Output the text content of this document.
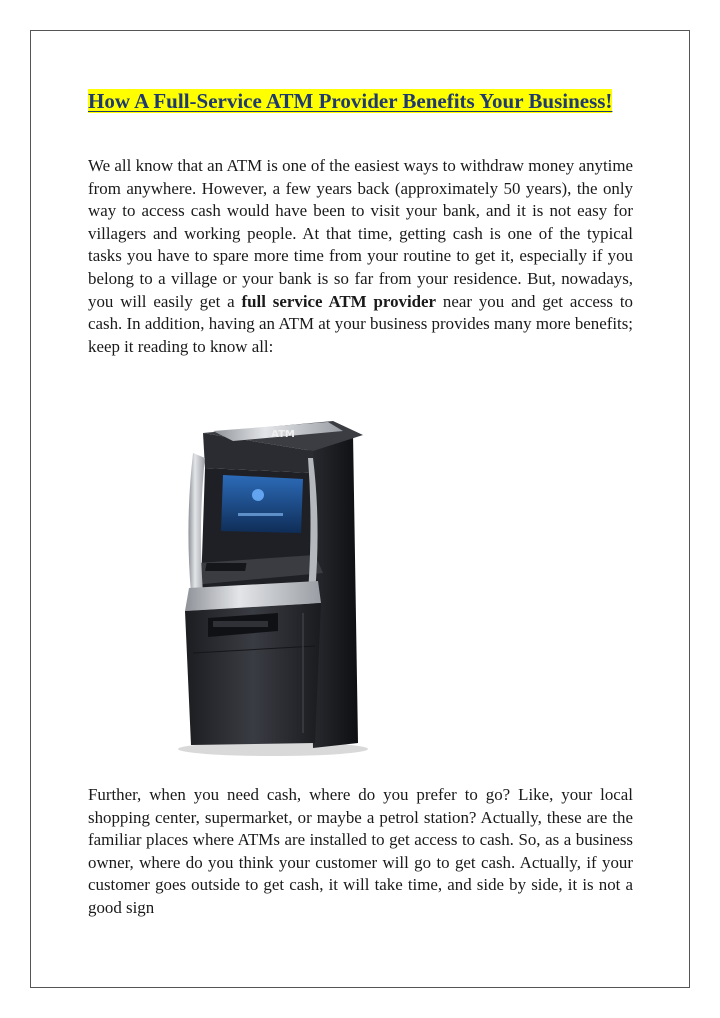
How A Full-Service ATM Provider Benefits Your Business!

We all know that an ATM is one of the easiest ways to withdraw money anytime from anywhere. However, a few years back (approximately 50 years), the only way to access cash would have been to visit your bank, and it is not easy for villagers and working people. At that time, getting cash is one of the typical tasks you have to spare more time from your routine to get it, especially if you belong to a village or your bank is so far from your residence. But, nowadays, you will easily get a full service ATM provider near you and get access to cash. In addition, having an ATM at your business provides many more benefits; keep it reading to know all:

ATM

Further, when you need cash, where do you prefer to go? Like, your local shopping center, supermarket, or maybe a petrol station? Actually, these are the familiar places where ATMs are installed to get access to cash. So, as a business owner, where do you think your customer will go to get cash. Actually, if your customer goes outside to get cash, it will take time, and side by side, it is not a good sign
